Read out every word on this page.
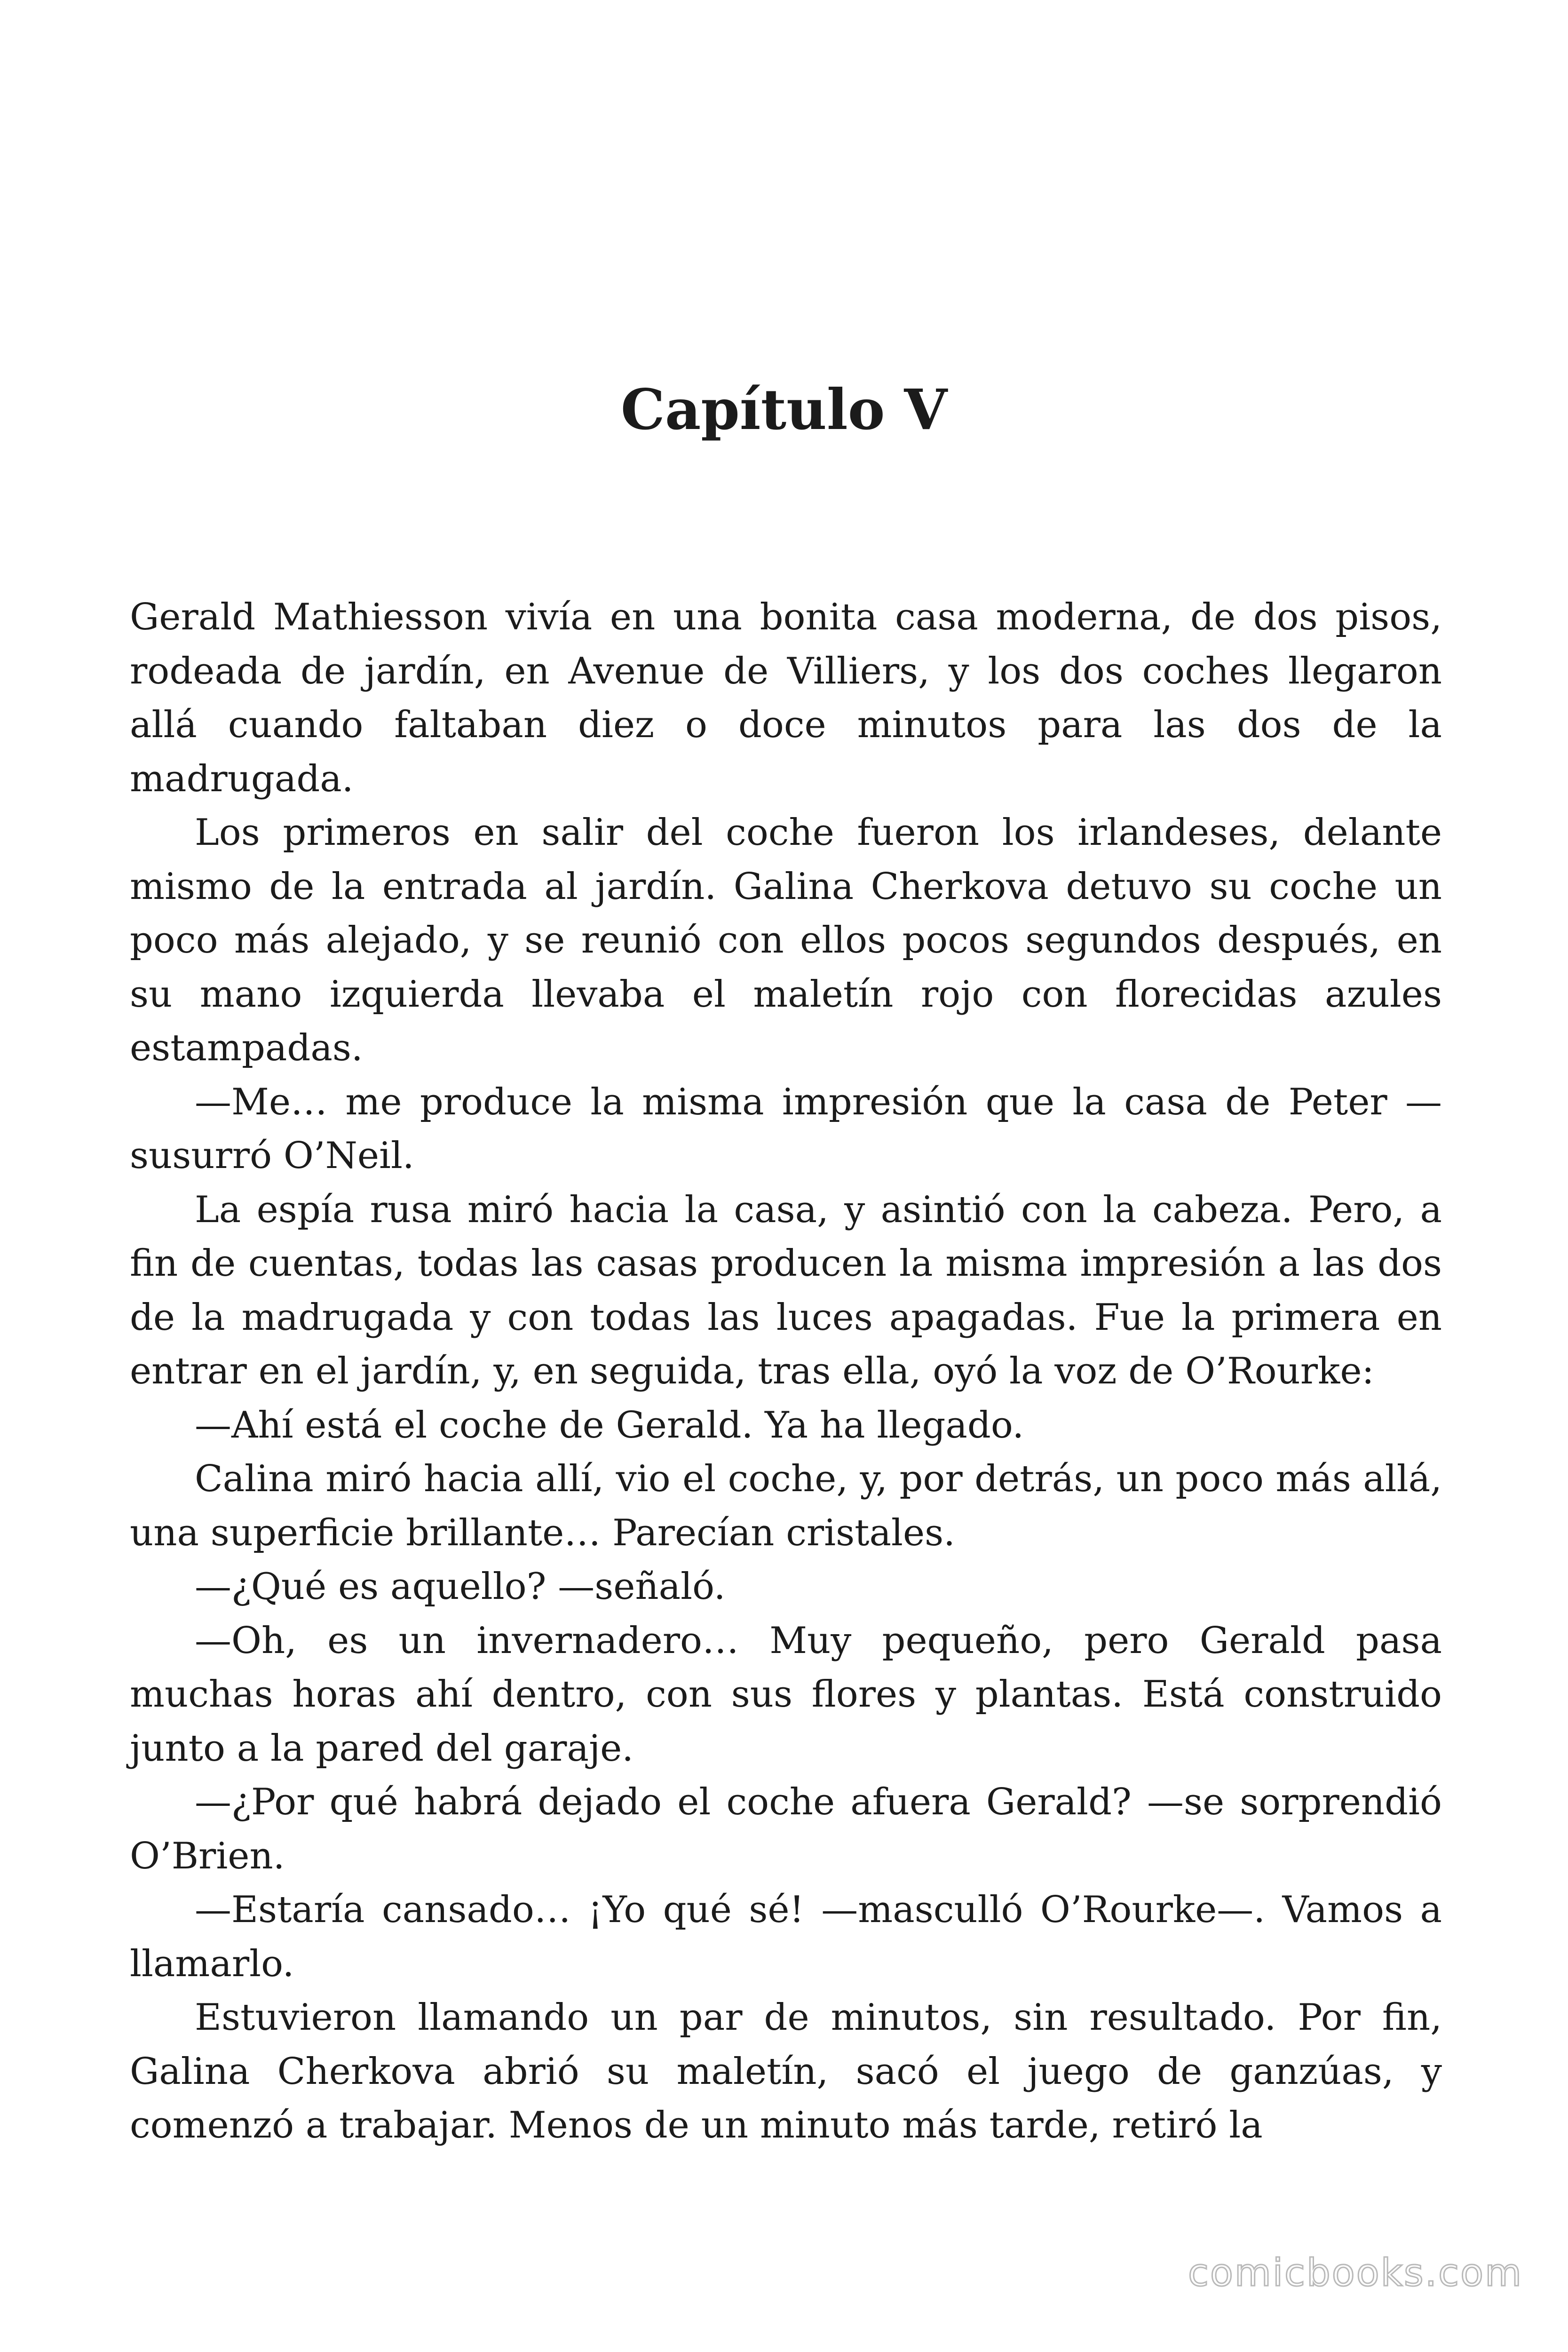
Capítulo V

Gerald Mathiesson vivía en una bonita casa moderna, de dos pisos, rodeada de jardín, en Avenue de Villiers, y los dos coches llegaron allá cuando faltaban diez o doce minutos para las dos de la madrugada.

Los primeros en salir del coche fueron los irlandeses, delante mismo de la entrada al jardín. Galina Cherkova detuvo su coche un poco más alejado, y se reunió con ellos pocos segundos después, en su mano izquierda llevaba el maletín rojo con florecidas azules estampadas.

—Me… me produce la misma impresión que la casa de Peter —susurró O’Neil.

La espía rusa miró hacia la casa, y asintió con la cabeza. Pero, a fin de cuentas, todas las casas producen la misma impresión a las dos de la madrugada y con todas las luces apagadas. Fue la primera en entrar en el jardín, y, en seguida, tras ella, oyó la voz de O’Rourke:

—Ahí está el coche de Gerald. Ya ha llegado.

Calina miró hacia allí, vio el coche, y, por detrás, un poco más allá, una superficie brillante… Parecían cristales.

—¿Qué es aquello? —señaló.

—Oh, es un invernadero… Muy pequeño, pero Gerald pasa muchas horas ahí dentro, con sus flores y plantas. Está construido junto a la pared del garaje.

—¿Por qué habrá dejado el coche afuera Gerald? —se sorprendió O’Brien.

—Estaría cansado… ¡Yo qué sé! —masculló O’Rourke—. Vamos a llamarlo.

Estuvieron llamando un par de minutos, sin resultado. Por fin, Galina Cherkova abrió su maletín, sacó el juego de ganzúas, y comenzó a trabajar. Menos de un minuto más tarde, retiró la

comicbooks.com
